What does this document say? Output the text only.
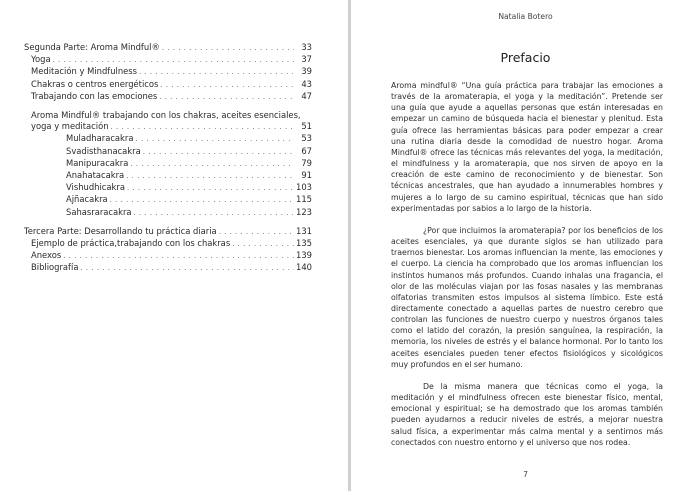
Segunda Parte: Aroma Mindful® . . .	33
Yoga . . .	37
Meditación y Mindfulness . . .	39
Chakras o centros energéticos . . .	43
Trabajando con las emociones . . .	47
Aroma Mindful® trabajando con los chakras, aceites esenciales,
yoga y meditación . . .	51
Muladharacakra . . .	53
Svadisthanacakra . . .	67
Manipuracakra . . .	79
Anahatacakra . . .	91
Vishudhicakra . . .	103
Ajñacakra . . .	115
Sahasraracakra . . .	123
Tercera Parte: Desarrollando tu práctica diaria . . .	131
Ejemplo de práctica,trabajando con los chakras . . .	135
Anexos . . .	139
Bibliografía . . .	140
Natalia Botero
Prefacio

Aroma mindful® “Una guía práctica para trabajar las emociones a través de la aromaterapia, el yoga y la meditación”. Pretende ser una guía que ayude a aquellas personas que están interesadas en empezar un camino de búsqueda hacia el bienestar y plenitud. Esta guía ofrece las herramientas básicas para poder empezar a crear una rutina diaria desde la comodidad de nuestro hogar. Aroma Mindful® ofrece las técnicas más relevantes del yoga, la meditación, el mindfulness y la aromaterapia, que nos sirven de apoyo en la creación de este camino de reconocimiento y de bienestar. Son técnicas ancestrales, que han ayudado a innumerables hombres y mujeres a lo largo de su camino espiritual, técnicas que han sido experimentadas por sabios a lo largo de la historia.

¿Por que incluimos la aromaterapia? por los beneficios de los aceites esenciales, ya que durante siglos se han utilizado para traernos bienestar. Los aromas influencian la mente, las emociones y el cuerpo. La ciencia ha comprobado que los aromas influencian los instintos humanos más profundos. Cuando inhalas una fragancia, el olor de las moléculas viajan por las fosas nasales y las membranas olfatorias transmiten estos impulsos al sistema límbico. Este está directamente conectado a aquellas partes de nuestro cerebro que controlan las funciones de nuestro cuerpo y nuestros órganos tales como el latido del corazón, la presión sanguínea, la respiración, la memoria, los niveles de estrés y el balance hormonal. Por lo tanto los aceites esenciales pueden tener efectos fisiológicos y sicológicos muy profundos en el ser humano.

De la misma manera que técnicas como el yoga, la meditación y el mindfulness ofrecen este bienestar físico, mental, emocional y espiritual; se ha demostrado que los aromas también pueden ayudarnos a reducir niveles de estrés, a mejorar nuestra salud física, a experimentar más calma mental y a sentirnos más conectados con nuestro entorno y el universo que nos rodea.

7
